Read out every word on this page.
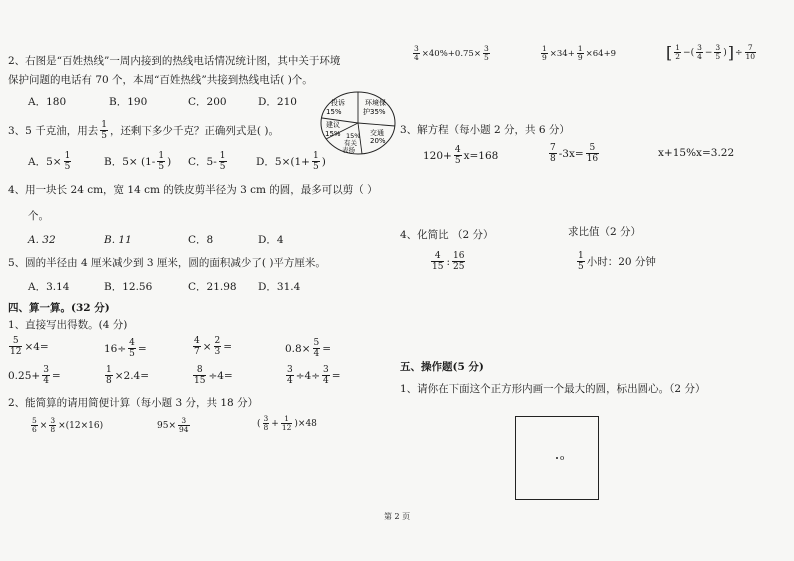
2、右图是“百姓热线”一周内接到的热线电话情况统计图，其中关于环境
保护问题的电话有 70 个，本周“百姓热线”共接到热线电话( )个。
A．180	B．190	C．200	D．210	投诉
15%
环境保
护35%
交通
20%
15%
有关
表扬
建议
15%
3、5 千克油，用去 $\frac{1}{5}$ ，还剩下多少千克？正确列式是( )。
A．$5\times \frac{1}{5}$	B．$5\times (1- \frac{1}{5}$ ) C．$5- \frac{1}{5}$	D．$5\times(1+ \frac{1}{5}$ )
4、用一块长 24 cm，宽 14 cm 的铁皮剪半径为 3 cm 的圆，最多可以剪（ ）
个。
A. 32	B. 11	C．8	D．4
5、圆的半径由 4 厘米减少到 3 厘米，圆的面积减少了( )平方厘米。
A．3.14	B．12.56	C．21.98 D．31.4
四、算一算。(32 分)
1、直接写出得数。(4 分)
$\frac{5}{12} \times 4=$	$16\div \frac{4}{5}$ =	$\frac{4}{7} \times \frac{2}{3}$ =	$0.8\times \frac{5}{4}$ =
$0.25+ \frac{3}{4}$ =	$\frac{1}{8} \times 2.4=$	$\frac{8}{15} \div 4=$	$\frac{3}{4} \div 4\div \frac{3}{4}$ =
2、能简算的请用简便计算（每小题 3 分，共 18 分）
$\frac{5}{6} \times \frac{3}{8} \times(12\times 16)$	$95\times \frac{3}{94}$	( $\frac{3}{8} + \frac{1}{12} )\times 48$
$\frac{3}{4} \times 40\%+0.75\times \frac{3}{5}$	$\frac{1}{9} \times 34+ \frac{1}{9} \times 64+9$	[ $\frac{1}{2}$ −( $\frac{3}{4} - \frac{3}{5}$ ) ] ÷ $\frac{7}{10}$
3、解方程（每小题 2 分，共 6 分）
$120+ \frac{4}{5} x=168$	$\frac{7}{8} -3x= \frac{5}{16}$	x+15%x=3.22
4、化简比 （2 分）	求比值（2 分）
$\frac{4}{15}$ : $\frac{16}{25}$	$\frac{1}{5}$ 小时：20 分钟
五、操作题(5 分)
1、请你在下面这个正方形内画一个最大的圆，标出圆心。（2 分）
o
第 2 页
